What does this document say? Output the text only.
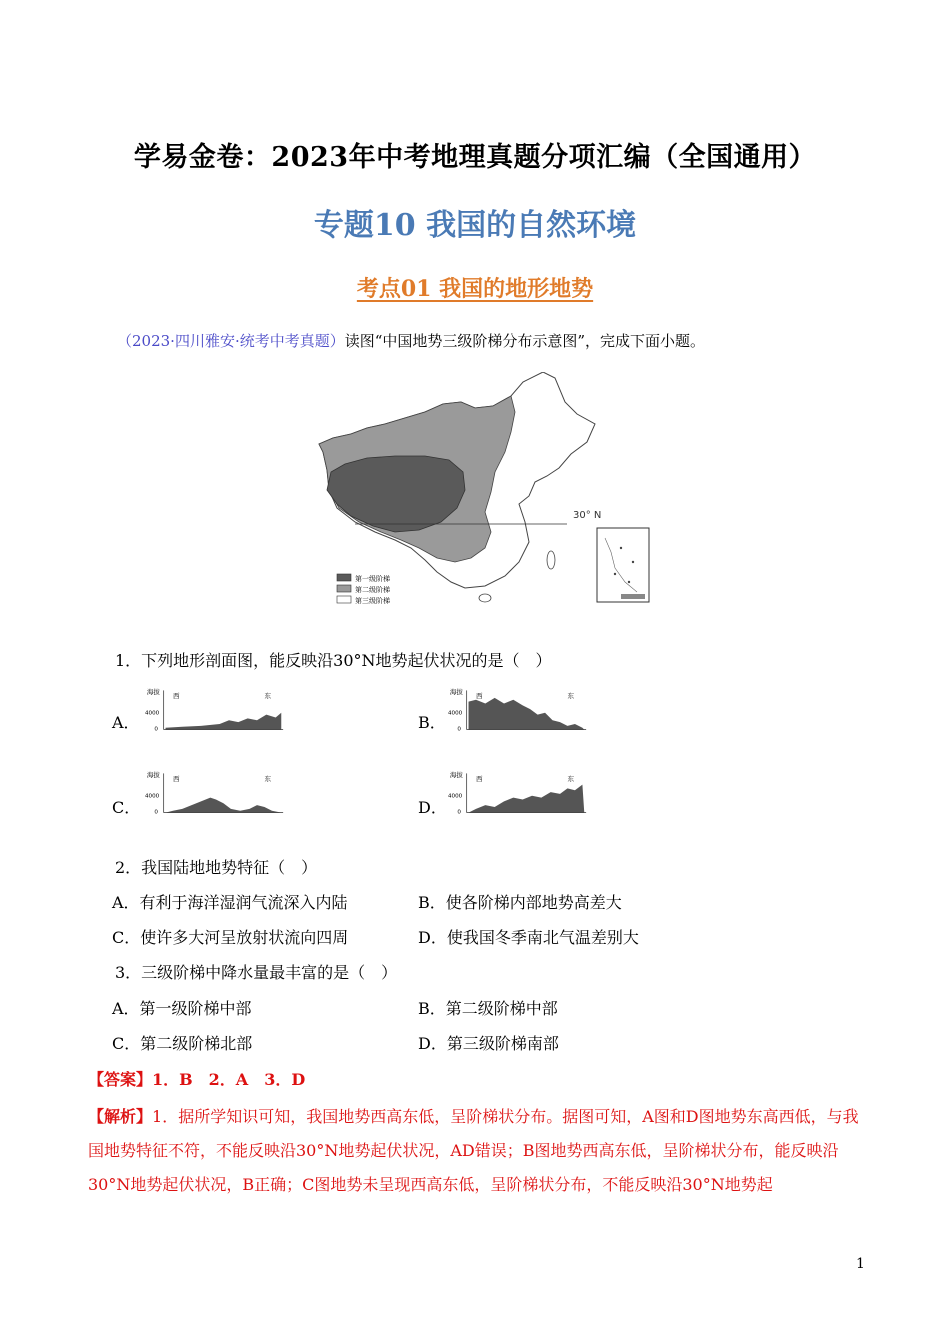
学易金卷：2023年中考地理真题分项汇编（全国通用）
专题10 我国的自然环境
考点01 我国的地形地势
（2023·四川雅安·统考中考真题）读图“中国地势三级阶梯分布示意图”，完成下面小题。
30° N
第一级阶梯
第二级阶梯
第三级阶梯
1．下列地形剖面图，能反映沿30°N地势起伏状况的是（　）
A．
海拔 西	东
4000
0	B．
海拔 西	东
4000
0
C．
海拔 西	东
4000
0	D．
海拔 西	东
4000
0
2．我国陆地地势特征（　）
A．有利于海洋湿润气流深入内陆	B．使各阶梯内部地势高差大
C．使许多大河呈放射状流向四周	D．使我国冬季南北气温差别大
3．三级阶梯中降水量最丰富的是（　）
A．第一级阶梯中部	B．第二级阶梯中部
C．第二级阶梯北部	D．第三级阶梯南部
【答案】1．B　2．A　3．D
【解析】1．据所学知识可知，我国地势西高东低，呈阶梯状分布。据图可知，A图和D图地势东高西低，与我国地势特征不符，不能反映沿30°N地势起伏状况，AD错误；B图地势西高东低，呈阶梯状分布，能反映沿30°N地势起伏状况，B正确；C图地势未呈现西高东低，呈阶梯状分布，不能反映沿30°N地势起
1
